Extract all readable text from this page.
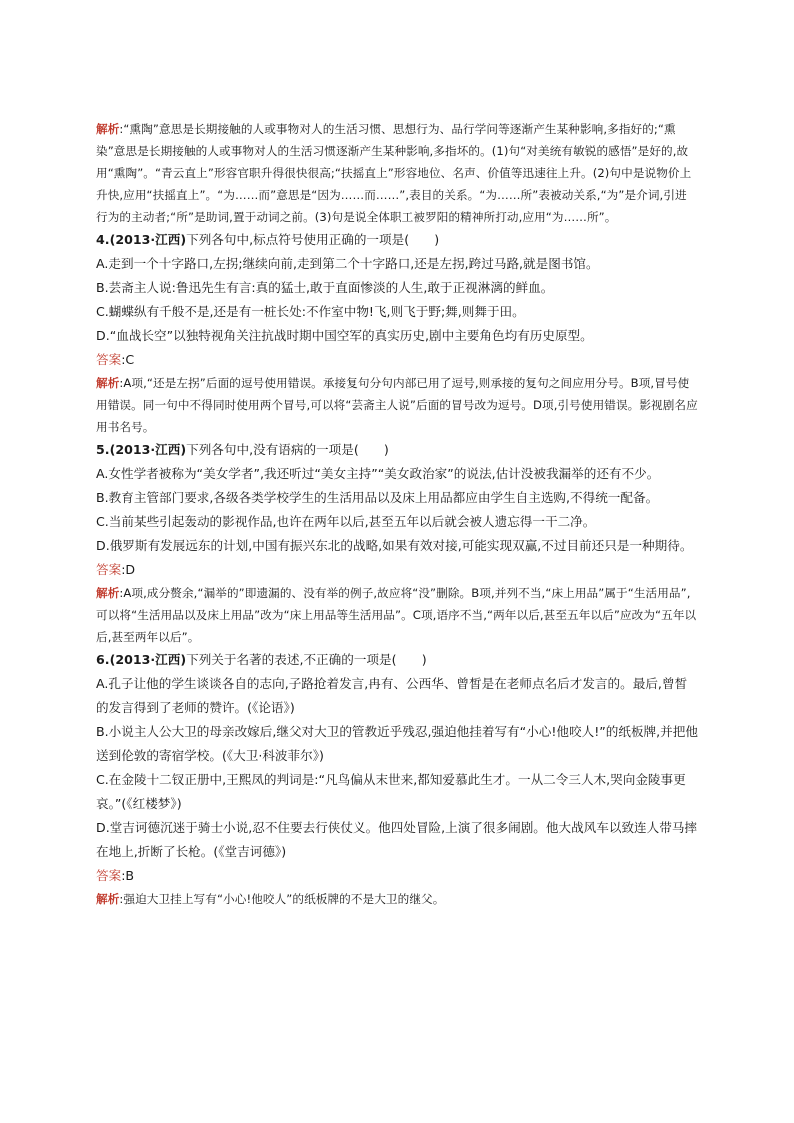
解析:“熏陶”意思是长期接触的人或事物对人的生活习惯、思想行为、品行学问等逐渐产生某种影响,多指好的;“熏染”意思是长期接触的人或事物对人的生活习惯逐渐产生某种影响,多指坏的。(1)句“对美统有敏锐的感悟”是好的,故用“熏陶”。“青云直上”形容官职升得很快很高;“扶摇直上”形容地位、名声、价值等迅速往上升。(2)句中是说物价上升快,应用“扶摇直上”。“为……而”意思是“因为……而……”,表目的关系。“为……所”表被动关系,“为”是介词,引进行为的主动者;“所”是助词,置于动词之前。(3)句是说全体职工被罗阳的精神所打动,应用“为……所”。

4.(2013·江西)下列各句中,标点符号使用正确的一项是(　　)

A.走到一个十字路口,左拐;继续向前,走到第二个十字路口,还是左拐,跨过马路,就是图书馆。

B.芸斋主人说:鲁迅先生有言:真的猛士,敢于直面惨淡的人生,敢于正视淋漓的鲜血。

C.蝴蝶纵有千般不是,还是有一桩长处:不作室中物!飞,则飞于野;舞,则舞于田。

D.“血战长空”以独特视角关注抗战时期中国空军的真实历史,剧中主要角色均有历史原型。

答案:C

解析:A项,“还是左拐”后面的逗号使用错误。承接复句分句内部已用了逗号,则承接的复句之间应用分号。B项,冒号使用错误。同一句中不得同时使用两个冒号,可以将“芸斋主人说”后面的冒号改为逗号。D项,引号使用错误。影视剧名应用书名号。

5.(2013·江西)下列各句中,没有语病的一项是(　　)

A.女性学者被称为“美女学者”,我还听过“美女主持”“美女政治家”的说法,估计没被我漏举的还有不少。

B.教育主管部门要求,各级各类学校学生的生活用品以及床上用品都应由学生自主选购,不得统一配备。

C.当前某些引起轰动的影视作品,也许在两年以后,甚至五年以后就会被人遗忘得一干二净。

D.俄罗斯有发展远东的计划,中国有振兴东北的战略,如果有效对接,可能实现双赢,不过目前还只是一种期待。

答案:D

解析:A项,成分赘余,“漏举的”即遗漏的、没有举的例子,故应将“没”删除。B项,并列不当,“床上用品”属于“生活用品”,可以将“生活用品以及床上用品”改为“床上用品等生活用品”。C项,语序不当,“两年以后,甚至五年以后”应改为“五年以后,甚至两年以后”。

6.(2013·江西)下列关于名著的表述,不正确的一项是(　　)

A.孔子让他的学生谈谈各自的志向,子路抢着发言,冉有、公西华、曾皙是在老师点名后才发言的。最后,曾皙的发言得到了老师的赞许。(《论语》)

B.小说主人公大卫的母亲改嫁后,继父对大卫的管教近乎残忍,强迫他挂着写有“小心!他咬人!”的纸板牌,并把他送到伦敦的寄宿学校。(《大卫·科波菲尔》)

C.在金陵十二钗正册中,王熙凤的判词是:“凡鸟偏从末世来,都知爱慕此生才。一从二令三人木,哭向金陵事更哀。”(《红楼梦》)

D.堂吉诃德沉迷于骑士小说,忍不住要去行侠仗义。他四处冒险,上演了很多闹剧。他大战风车以致连人带马摔在地上,折断了长枪。(《堂吉诃德》)

答案:B

解析:强迫大卫挂上写有“小心!他咬人”的纸板牌的不是大卫的继父。
